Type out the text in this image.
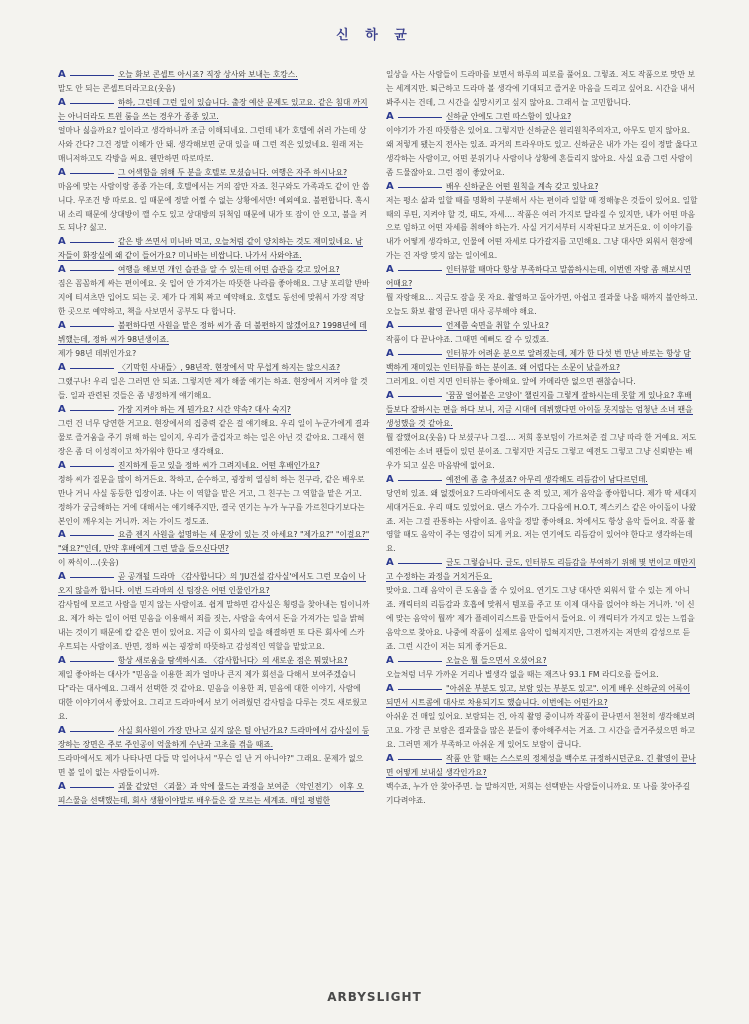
신 하 균

A	오늘 화보 콘셉트 아시죠? 직장 상사와 보내는 호캉스.

말도 안 되는 콘셉트더라고요(웃음)

A	하하, 그런데 그런 일이 있습니다. 출장 예산 문제도 있고요. 같은 침대 까지는 아니더라도 트윈 룸을 쓰는 경우가 종종 있고.

얼마나 싫을까요? 일이라고 생각하니까 조금 이해되네요. 그런데 내가 호텔에 쉬러 가는데 상사와 간다? 그건 정말 이해가 안 돼. 생각해보면 군대 있을 때 그런 적은 있었네요. 원래 저는 매니저하고도 각방을 써요. 웬만하면 따로따로.

A	그 어색함을 위해 두 분을 호텔로 모셨습니다. 여행은 자주 하시나요?

마음에 맞는 사람이랑 종종 가는데, 호텔에서는 거의 잠만 자죠. 친구와도 가족과도 같이 안 씁니다. 무조건 방 따로요. 일 때문에 정말 어쩔 수 없는 상황에서만! 예외예요. 불편합니다. 혹시 내 소리 때문에 상대방이 깰 수도 있고 상대방의 뒤척임 때문에 내가 또 잠이 안 오고, 불을 켜도 되나? 싫고.

A	같은 방 쓰면서 미니바 먹고, 오늘처럼 같이 양치하는 것도 재미있네요. 남자들이 화장실에 왜 같이 들어가요? 미니바는 비쌉니다. 나가서 사와야죠.

A	여행을 해보면 개인 습관을 알 수 있는데 어떤 습관을 갖고 있어요?

짐은 꼼꼼하게 싸는 편이에요. 옷 입어 안 가져가는 따뜻한 나라를 좋아해요. 그냥 포리할 반바지에 티셔츠만 입어도 되는 곳. 제가 다 계획 짜고 예약해요. 호텔도 동선에 맞춰서 가장 적당한 곳으로 예약하고, 책을 사보면서 공부도 다 합니다.

A	불편하다면 사원을 맡은 정하 씨가 좀 더 불편하지 않겠어요? 1998년에 데뷔했는데, 정하 씨가 98년생이죠.

제가 98년 데뷔인가요?

A	〈기막힌 사내들〉, 98년작. 현장에서 막 무섭게 하지는 않으시죠?

그랬구나! 우리 일은 그러면 안 되죠. 그렇지만 제가 해줄 얘기는 하죠. 현장에서 지켜야 할 것들. 일과 관련된 것들은 좀 냉정하게 얘기해요.

A	가장 지켜야 하는 게 뭔가요? 시간 약속? 대사 숙지?

그런 건 너무 당연한 거고요. 현장에서의 집중력 같은 걸 얘기해요. 우리 일이 누군가에게 결과물로 즐거움을 주기 위해 하는 일이지, 우리가 즐겁자고 하는 일은 아닌 것 같아요. 그래서 현장은 좀 더 이성적이고 차가워야 한다고 생각해요.

A	진지하게 듣고 있을 정하 씨가 그려지네요. 어떤 후배인가요?

정하 씨가 질문을 많이 하거든요. 착하고, 순수하고, 굉장히 열심히 하는 친구라, 같은 배우로 만나 거니 사실 동등한 입장이죠. 나는 이 역할을 맡은 거고, 그 친구는 그 역할을 맡은 거고. 정하가 궁금해하는 거에 대해서는 얘기해주지만, 결국 연기는 누가 누구를 가르친다기보다는 본인이 깨우치는 거니까. 저는 가이드 정도죠.

A	요즘 젠지 사원을 설명하는 세 문장이 있는 것 아세요? "제가요?" "이걸요?" "왜요?"인데, 만약 후배에게 그런 말을 들으신다면?

이 짜식이…(웃음)

A	곧 공개될 드라마 〈감사합니다〉의 'JU건설 감사실'에서도 그런 모습이 나오지 않을까 합니다. 이번 드라마의 신 팀장은 어떤 인물인가요?

감사팀에 모르고 사람을 믿지 않는 사람이죠. 쉽게 말하면 감사실은 횡령을 찾아내는 팀이니까요. 제가 하는 일이 어떤 믿음을 이용해서 죄를 짓는, 사람을 속여서 돈을 가져가는 일을 밝혀내는 것이기 때문에 칼 같은 면이 있어요. 지금 이 회사의 일을 해결하면 또 다른 회사에 스카우트되는 사람이죠. 반면, 정하 씨는 굉장히 따뜻하고 감성적인 역할을 맡았고요.

A	항상 새로움을 탐색하시죠. 〈감사합니다〉의 새로운 점은 뭐였나요?

제일 좋아하는 대사가 "믿음을 이용한 죄가 얼마나 큰지 제가 회선을 다해서 보여주겠습니다"라는 대사예요. 그래서 선택한 것 같아요. 믿음을 이용한 죄, 믿음에 대한 이야기, 사람에 대한 이야기여서 좋았어요. 그리고 드라마에서 보기 어려웠던 감사팀을 다루는 것도 새로웠고요.

A	사실 회사원이 가장 만나고 싶지 않은 팀 아닌가요? 드라마에서 감사실이 등장하는 장면은 주로 주인공이 억울하게 수난과 고초를 겪을 때죠.

드라마에서도 제가 나타나면 다들 막 일어나서 "무슨 일 난 거 아니야?" 그래요. 문제가 없으면 볼 일이 없는 사람들이니까.

A	괴물 같았던 〈괴물〉과 악에 물드는 과정을 보여준 〈악인전기〉 이후 오피스물을 선택했는데, 회사 생활이야말로 배우들은 잘 모르는 세계죠. 매일 평범한

일상을 사는 사람들이 드라마를 보면서 하루의 피로를 풀어요. 그렇죠. 저도 작품으로 맛만 보는 세계지만. 퇴근하고 드라마 볼 생각에 기대되고 즐거운 마음을 드리고 싶어요. 시간을 내서 봐주시는 건데, 그 시간을 실망시키고 싶지 않아요. 그래서 늘 고민합니다.

A	신하균 안에도 그런 따스함이 있나요?

이야기가 가진 따뜻함은 있어요. 그렇지만 신하균은 원리원칙주의자고, 아무도 믿지 않아요. 왜 저렇게 됐는지 전사는 있죠. 과거의 트라우마도 있고. 신하균은 내가 가는 길이 정말 옳다고 생각하는 사람이고, 어떤 분위기나 사람이나 상황에 흔들리지 않아요. 사실 요즘 그런 사람이 좀 드물잖아요. 그런 점이 좋았어요.

A	배우 신하균은 어떤 원칙을 계속 갖고 있나요?

저는 평소 삶과 일할 때를 명확히 구분해서 사는 편이라 일할 때 정해놓은 것들이 있어요. 일할 때의 루틴, 지켜야 할 것, 태도, 자세…. 작품은 여러 가지로 달라질 수 있지만, 내가 어떤 마음으로 임하고 어떤 자세를 취해야 하는가. 사실 거기서부터 시작된다고 보거든요. 이 이야기를 내가 어떻게 생각하고, 인물에 어떤 자세로 다가갈지를 고민해요. 그냥 대사만 외워서 현장에 가는 건 자랑 맞지 않는 일이에요.

A	인터뷰할 때마다 항상 부족하다고 말씀하시는데, 이번엔 자랑 좀 해보시면 어때요?

뭘 자랑해요… 지금도 잠을 못 자요. 촬영하고 돌아가면, 아쉽고 결과물 나올 때까지 불안하고. 오늘도 화보 촬영 끝나면 대사 공부해야 해요.

A	언제쯤 숙면을 취할 수 있나요?

작품이 다 끝나야죠. 그때면 예뻐도 갈 수 있겠죠.

A	인터뷰가 어려운 분으로 알려졌는데, 제가 한 다섯 번 만난 바로는 항상 담백하게 재미있는 인터뷰를 하는 분이죠. 왜 어렵다는 소문이 났을까요?

그러게요. 이런 지면 인터뷰는 좋아해요. 앞에 카메라만 없으면 괜찮습니다.

A	'꿈꿈 얼어붙은 고양이' 챌린지를 그렇게 잘하시는데 못할 게 있나요? 후배들보다 잘하시는 편을 하다 보니, 지금 시대에 데뷔했다면 아이돌 못지않는 엄청난 소녀 팬을 생성했을 것 같아요.

뭘 잘했어요(웃음) 다 보셨구나 그걸…. 저희 홍보팀이 가르쳐준 걸 그냥 따라 한 거예요. 저도 예전에는 소녀 팬들이 있던 분이죠. 그렇지만 지금도 그렇고 예전도 그렇고 그냥 신뢰받는 배우가 되고 싶은 마음밖에 없어요.

A	예전에 좀 춤 추셨죠? 아무리 생각해도 리듬감이 남다르던데.

당연히 있죠. 왜 없겠어요? 드라마에서도 춘 적 있고, 제가 음악을 좋아합니다. 제가 딱 세대지 세대거든요. 우리 때도 있었어요. 댄스 가수가. 그다음에 H.O.T, 젝스키스 같은 아이돌이 나왔죠. 저는 그걸 관통하는 사람이죠. 음악을 정말 좋아해요. 차에서도 항상 음악 들어요. 작품 촬영할 때도 음악이 주는 영감이 되게 커요. 저는 연기에도 리듬감이 있어야 한다고 생각하는데요.

A	글도 그렇습니다. 글도, 인터뷰도 리듬감을 부여하기 위해 몇 번이고 매만지고 수정하는 과정을 거치거든요.

맞아요. 그래 음악이 큰 도움을 줄 수 있어요. 연기도 그냥 대사만 외워서 할 수 있는 게 아니죠. 캐릭터의 리듬감과 호흡에 맞춰서 템포를 주고 또 이제 대사를 얹어야 하는 거니까. '이 신에 맞는 음악이 뭘까' 제가 플레이리스트를 만들어서 들어요. 이 캐릭터가 가지고 있는 느낌을 음악으로 찾아요. 나중에 작품이 실제로 음악이 입혀지지만, 그전까지는 저만의 감성으로 듣죠. 그런 시간이 저는 되게 좋거든요.

A	오늘은 뭘 들으면서 오셨어요?

오늘처럼 너무 가까운 거리나 별생각 없을 때는 재즈나 93.1 FM 라디오를 들어요.

A	"아쉬운 부분도 있고, 보람 있는 부분도 있고". 이게 배우 신하균의 어록이 되면서 시트콤에 대사로 차용되기도 했습니다. 이번에는 어떤가요?

아쉬운 건 매일 있어요. 보람되는 건, 아직 촬영 중이니까 작품이 끝나면서 천천히 생각해보려고요. 가장 큰 보람은 결과물을 많은 분들이 좋아해주셔는 거죠. 그 시간을 즐거주셨으면 하고요. 그러면 제가 부족하고 아쉬운 게 있어도 보람이 큽니다.

A	작품 안 할 때는 스스로의 정체성을 백수로 규정하시던군요. 긴 촬영이 끝나면 어떻게 보내실 생각인가요?

백수죠, 누가 안 찾아주면. 늘 말하지만, 저희는 선택받는 사람들이니까요. 또 나를 찾아주길 기다려야죠.

ARBYSLIGHT
